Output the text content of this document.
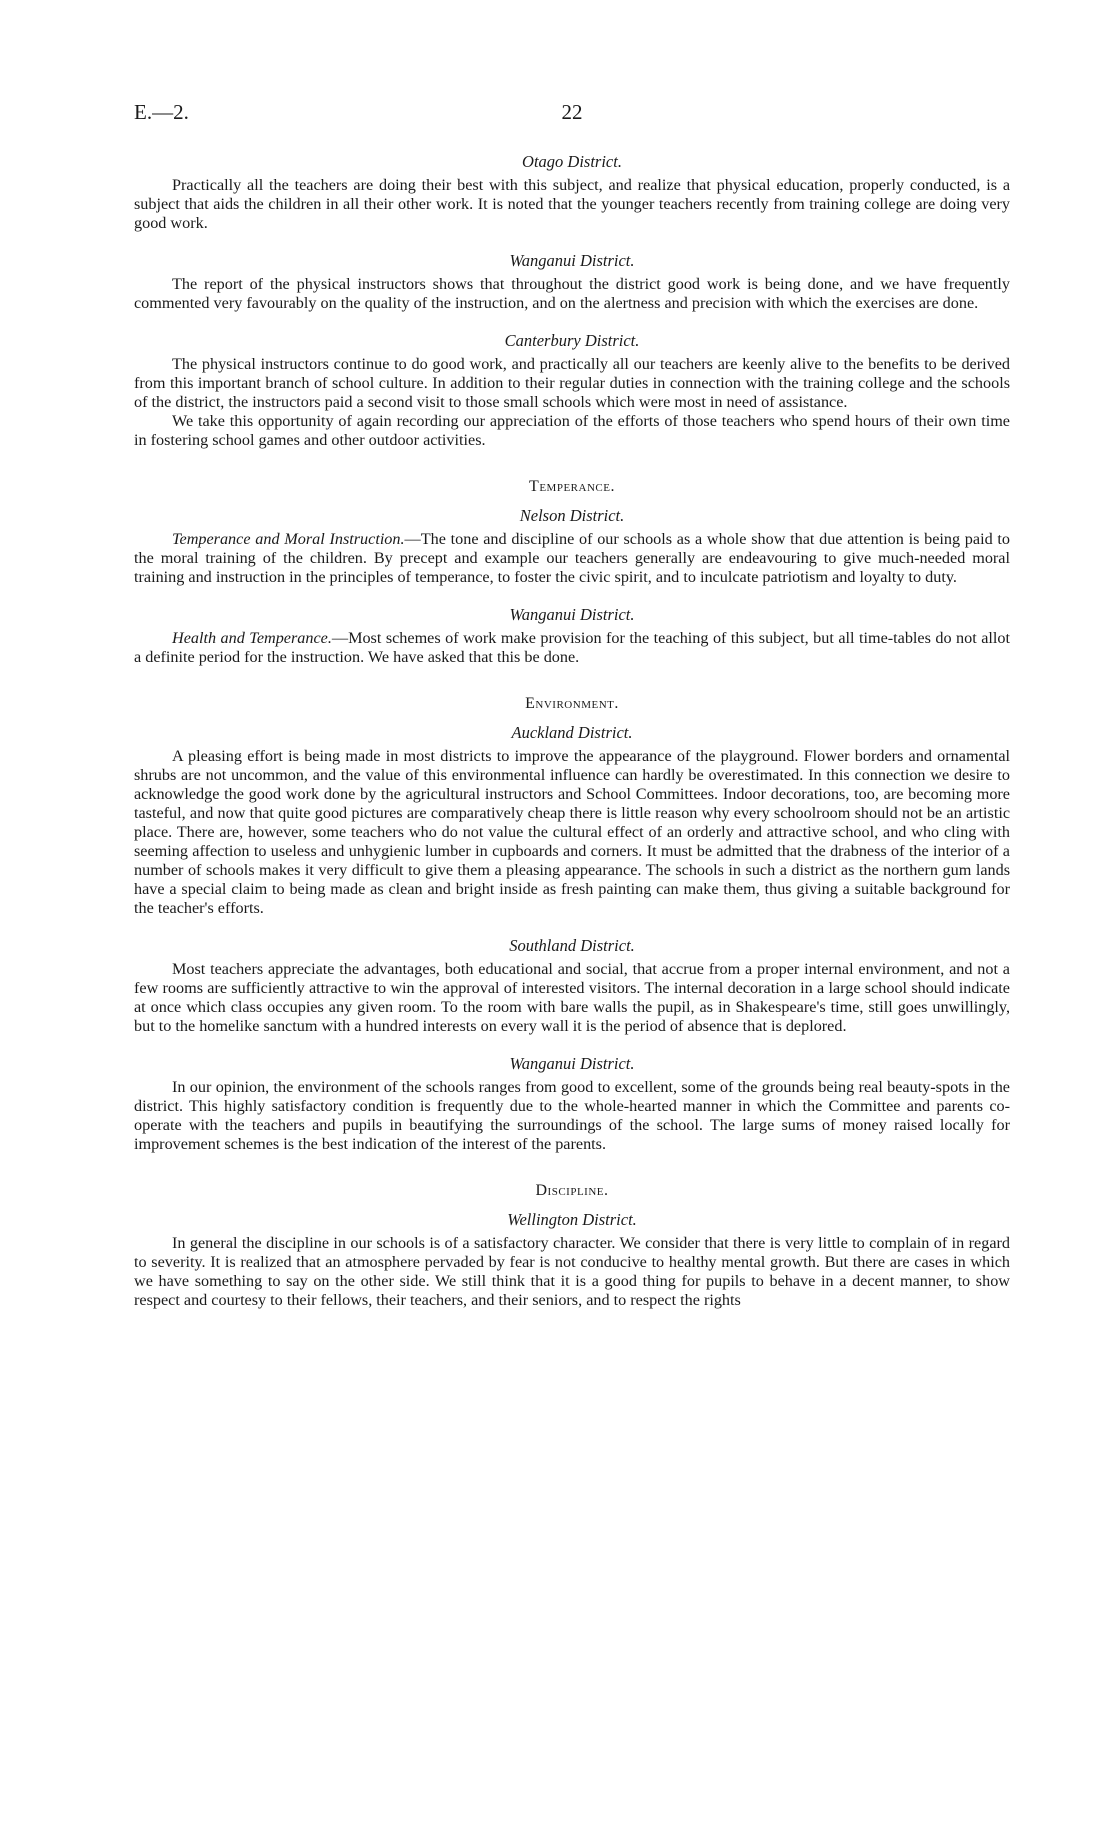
E.—2.	22
Otago District.

Practically all the teachers are doing their best with this subject, and realize that physical education, properly conducted, is a subject that aids the children in all their other work. It is noted that the younger teachers recently from training college are doing very good work.

Wanganui District.

The report of the physical instructors shows that throughout the district good work is being done, and we have frequently commented very favourably on the quality of the instruction, and on the alertness and precision with which the exercises are done.

Canterbury District.

The physical instructors continue to do good work, and practically all our teachers are keenly alive to the benefits to be derived from this important branch of school culture. In addition to their regular duties in connection with the training college and the schools of the district, the instructors paid a second visit to those small schools which were most in need of assistance.

We take this opportunity of again recording our appreciation of the efforts of those teachers who spend hours of their own time in fostering school games and other outdoor activities.

Temperance.
Nelson District.

Temperance and Moral Instruction.—The tone and discipline of our schools as a whole show that due attention is being paid to the moral training of the children. By precept and example our teachers generally are endeavouring to give much-needed moral training and instruction in the principles of temperance, to foster the civic spirit, and to inculcate patriotism and loyalty to duty.

Wanganui District.

Health and Temperance.—Most schemes of work make provision for the teaching of this subject, but all time-tables do not allot a definite period for the instruction. We have asked that this be done.

Environment.
Auckland District.

A pleasing effort is being made in most districts to improve the appearance of the playground. Flower borders and ornamental shrubs are not uncommon, and the value of this environmental influence can hardly be overestimated. In this connection we desire to acknowledge the good work done by the agricultural instructors and School Committees. Indoor decorations, too, are becoming more tasteful, and now that quite good pictures are comparatively cheap there is little reason why every schoolroom should not be an artistic place. There are, however, some teachers who do not value the cultural effect of an orderly and attractive school, and who cling with seeming affection to useless and unhygienic lumber in cupboards and corners. It must be admitted that the drabness of the interior of a number of schools makes it very difficult to give them a pleasing appearance. The schools in such a district as the northern gum lands have a special claim to being made as clean and bright inside as fresh painting can make them, thus giving a suitable background for the teacher's efforts.

Southland District.

Most teachers appreciate the advantages, both educational and social, that accrue from a proper internal environment, and not a few rooms are sufficiently attractive to win the approval of interested visitors. The internal decoration in a large school should indicate at once which class occupies any given room. To the room with bare walls the pupil, as in Shakespeare's time, still goes unwillingly, but to the homelike sanctum with a hundred interests on every wall it is the period of absence that is deplored.

Wanganui District.

In our opinion, the environment of the schools ranges from good to excellent, some of the grounds being real beauty-spots in the district. This highly satisfactory condition is frequently due to the whole-hearted manner in which the Committee and parents co-operate with the teachers and pupils in beautifying the surroundings of the school. The large sums of money raised locally for improvement schemes is the best indication of the interest of the parents.

Discipline.
Wellington District.

In general the discipline in our schools is of a satisfactory character. We consider that there is very little to complain of in regard to severity. It is realized that an atmosphere pervaded by fear is not conducive to healthy mental growth. But there are cases in which we have something to say on the other side. We still think that it is a good thing for pupils to behave in a decent manner, to show respect and courtesy to their fellows, their teachers, and their seniors, and to respect the rights
